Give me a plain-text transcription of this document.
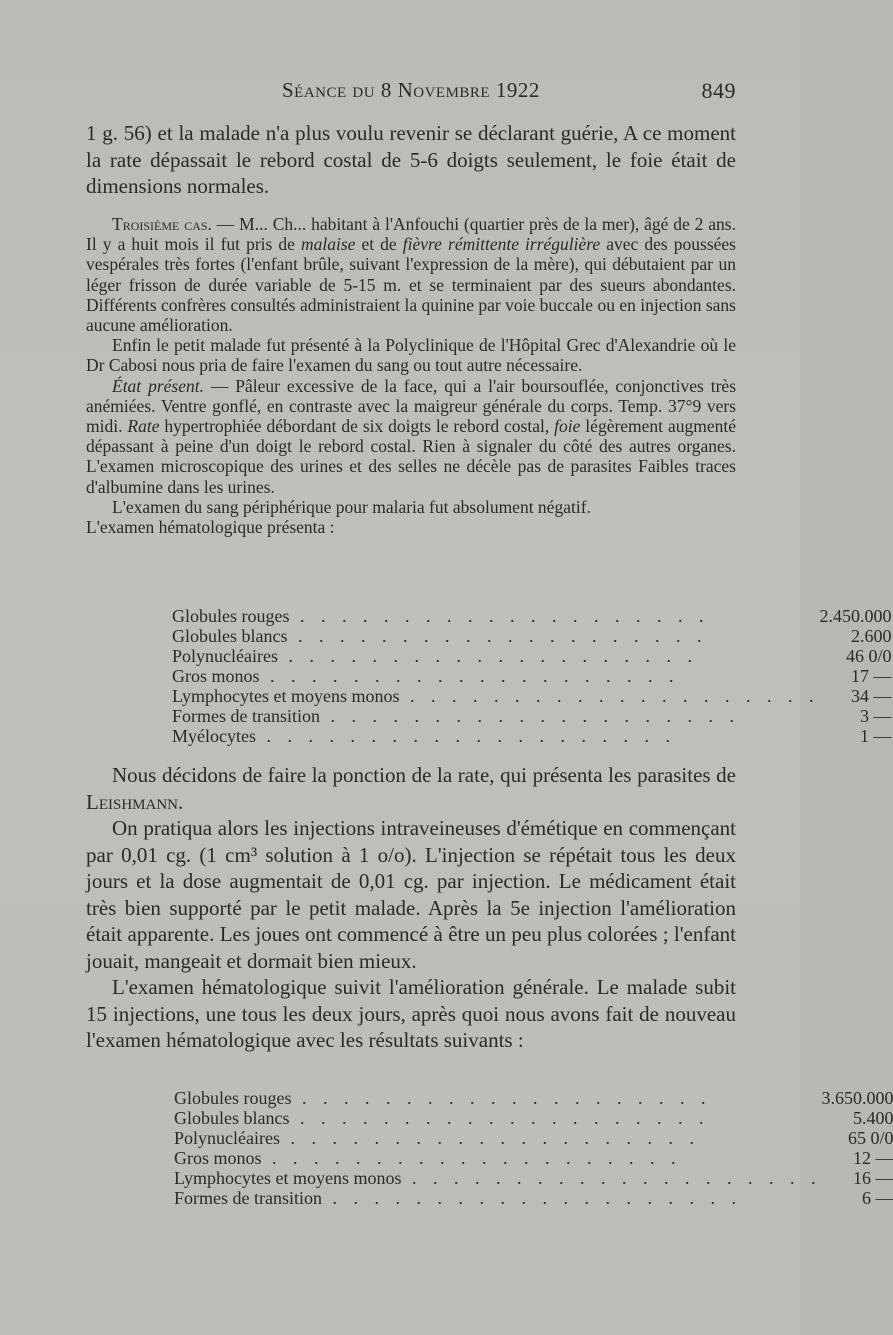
Séance du 8 Novembre 1922	849

1 g. 56) et la malade n'a plus voulu revenir se déclarant guérie, A ce moment la rate dépassait le rebord costal de 5-6 doigts seulement, le foie était de dimensions normales.

Troisième cas. — M... Ch... habitant à l'Anfouchi (quartier près de la mer), âgé de 2 ans. Il y a huit mois il fut pris de malaise et de fièvre rémittente irrégulière avec des poussées vespérales très fortes (l'enfant brûle, suivant l'expression de la mère), qui débutaient par un léger frisson de durée variable de 5-15 m. et se terminaient par des sueurs abondantes. Différents confrères consultés administraient la quinine par voie buccale ou en injection sans aucune amélioration.

Enfin le petit malade fut présenté à la Polyclinique de l'Hôpital Grec d'Alexandrie où le Dr Cabosi nous pria de faire l'examen du sang ou tout autre nécessaire.

État présent. — Pâleur excessive de la face, qui a l'air boursouflée, conjonctives très anémiées. Ventre gonflé, en contraste avec la maigreur générale du corps. Temp. 37°9 vers midi. Rate hypertrophiée débordant de six doigts le rebord costal, foie légèrement augmenté dépassant à peine d'un doigt le rebord costal. Rien à signaler du côté des autres organes. L'examen microscopique des urines et des selles ne décèle pas de parasites Faibles traces d'albumine dans les urines.

L'examen du sang périphérique pour malaria fut absolument négatif.

L'examen hématologique présenta :

Globules rouges . . . . . . . . . . . . . . . . . . . .	2.450.000
Globules blancs . . . . . . . . . . . . . . . . . . . .	2.600
Polynucléaires . . . . . . . . . . . . . . . . . . . .	46 0/0
Gros monos . . . . . . . . . . . . . . . . . . . .	17 —
Lymphocytes et moyens monos . . . . . . . . . . . . . . . . . . . .	34 —
Formes de transition . . . . . . . . . . . . . . . . . . . .	3 —
Myélocytes . . . . . . . . . . . . . . . . . . . .	1 —

Nous décidons de faire la ponction de la rate, qui présenta les parasites de Leishmann.

On pratiqua alors les injections intraveineuses d'émétique en commençant par 0,01 cg. (1 cm³ solution à 1 o/o). L'injection se répétait tous les deux jours et la dose augmentait de 0,01 cg. par injection. Le médicament était très bien supporté par le petit malade. Après la 5e injection l'amélioration était apparente. Les joues ont commencé à être un peu plus colorées ; l'enfant jouait, mangeait et dormait bien mieux.

L'examen hématologique suivit l'amélioration générale. Le malade subit 15 injections, une tous les deux jours, après quoi nous avons fait de nouveau l'examen hématologique avec les résultats suivants :

Globules rouges . . . . . . . . . . . . . . . . . . . .	3.650.000
Globules blancs . . . . . . . . . . . . . . . . . . . .	5.400
Polynucléaires . . . . . . . . . . . . . . . . . . . .	65 0/0
Gros monos . . . . . . . . . . . . . . . . . . . .	12 —
Lymphocytes et moyens monos . . . . . . . . . . . . . . . . . . . .	16 —
Formes de transition . . . . . . . . . . . . . . . . . . . .	6 —
